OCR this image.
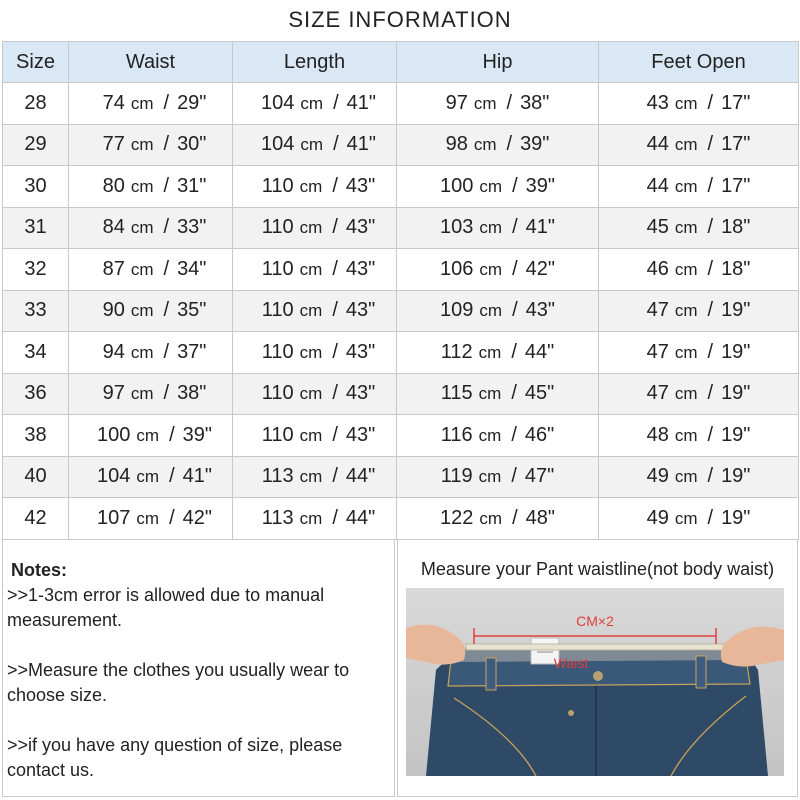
SIZE INFORMATION
Size	Waist	Length	Hip	Feet Open
28	74 cm / 29"	104 cm / 41"	97 cm / 38"	43 cm / 17"

29	77 cm / 30"	104 cm / 41"	98 cm / 39"	44 cm / 17"

30	80 cm / 31"	110 cm / 43"	100 cm / 39"	44 cm / 17"

31	84 cm / 33"	110 cm / 43"	103 cm / 41"	45 cm / 18"

32	87 cm / 34"	110 cm / 43"	106 cm / 42"	46 cm / 18"

33	90 cm / 35"	110 cm / 43"	109 cm / 43"	47 cm / 19"

34	94 cm / 37"	110 cm / 43"	112 cm / 44"	47 cm / 19"

36	97 cm / 38"	110 cm / 43"	115 cm / 45"	47 cm / 19"

38	100 cm / 39"	110 cm / 43"	116 cm / 46"	48 cm / 19"

40	104 cm / 41"	113 cm / 44"	119 cm / 47"	49 cm / 19"

42	107 cm / 42"	113 cm / 44"	122 cm / 48"	49 cm / 19"

Notes:

>>1-3cm error is allowed due to manual measurement.

>>Measure the clothes you usually wear to choose size.

>>if you have any question of size, please contact us.

Measure your Pant waistline(not body waist)
CM×2
Waist
